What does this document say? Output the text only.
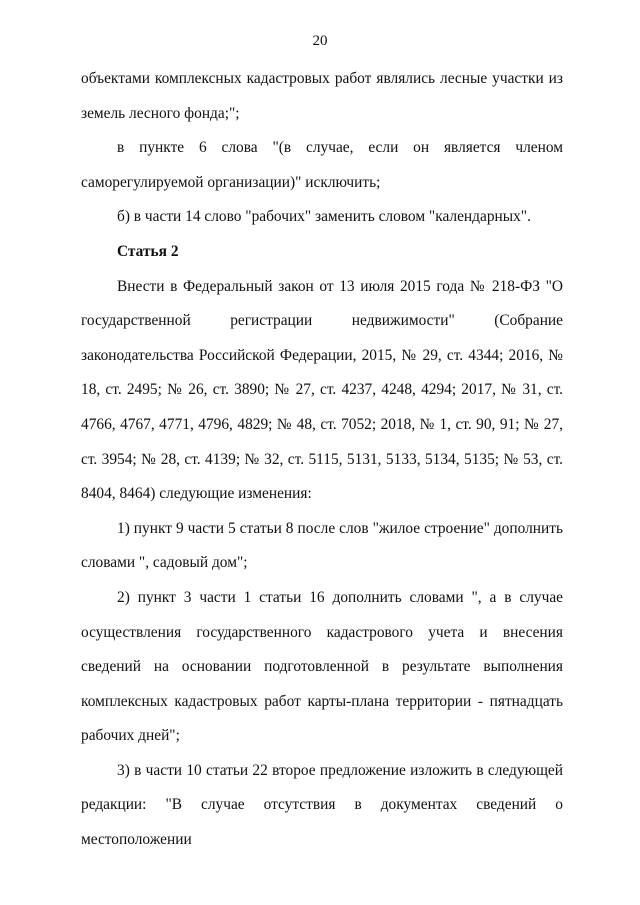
20

объектами комплексных кадастровых работ являлись лесные участки из земель лесного фонда;";

в пункте 6 слова "(в случае, если он является членом саморегулируемой организации)" исключить;

б) в части 14 слово "рабочих" заменить словом "календарных".

Статья 2

Внести в Федеральный закон от 13 июля 2015 года № 218-ФЗ "О государственной регистрации недвижимости" (Собрание законодательства Российской Федерации, 2015, № 29, ст. 4344; 2016, № 18, ст. 2495; № 26, ст. 3890; № 27, ст. 4237, 4248, 4294; 2017, № 31, ст. 4766, 4767, 4771, 4796, 4829; № 48, ст. 7052; 2018, № 1, ст. 90, 91; № 27, ст. 3954; № 28, ст. 4139; № 32, ст. 5115, 5131, 5133, 5134, 5135; № 53, ст. 8404, 8464) следующие изменения:

1) пункт 9 части 5 статьи 8 после слов "жилое строение" дополнить словами ", садовый дом";

2) пункт 3 части 1 статьи 16 дополнить словами ", а в случае осуществления государственного кадастрового учета и внесения сведений на основании подготовленной в результате выполнения комплексных кадастровых работ карты-плана территории - пятнадцать рабочих дней";

3) в части 10 статьи 22 второе предложение изложить в следующей редакции: "В случае отсутствия в документах сведений о местоположении
